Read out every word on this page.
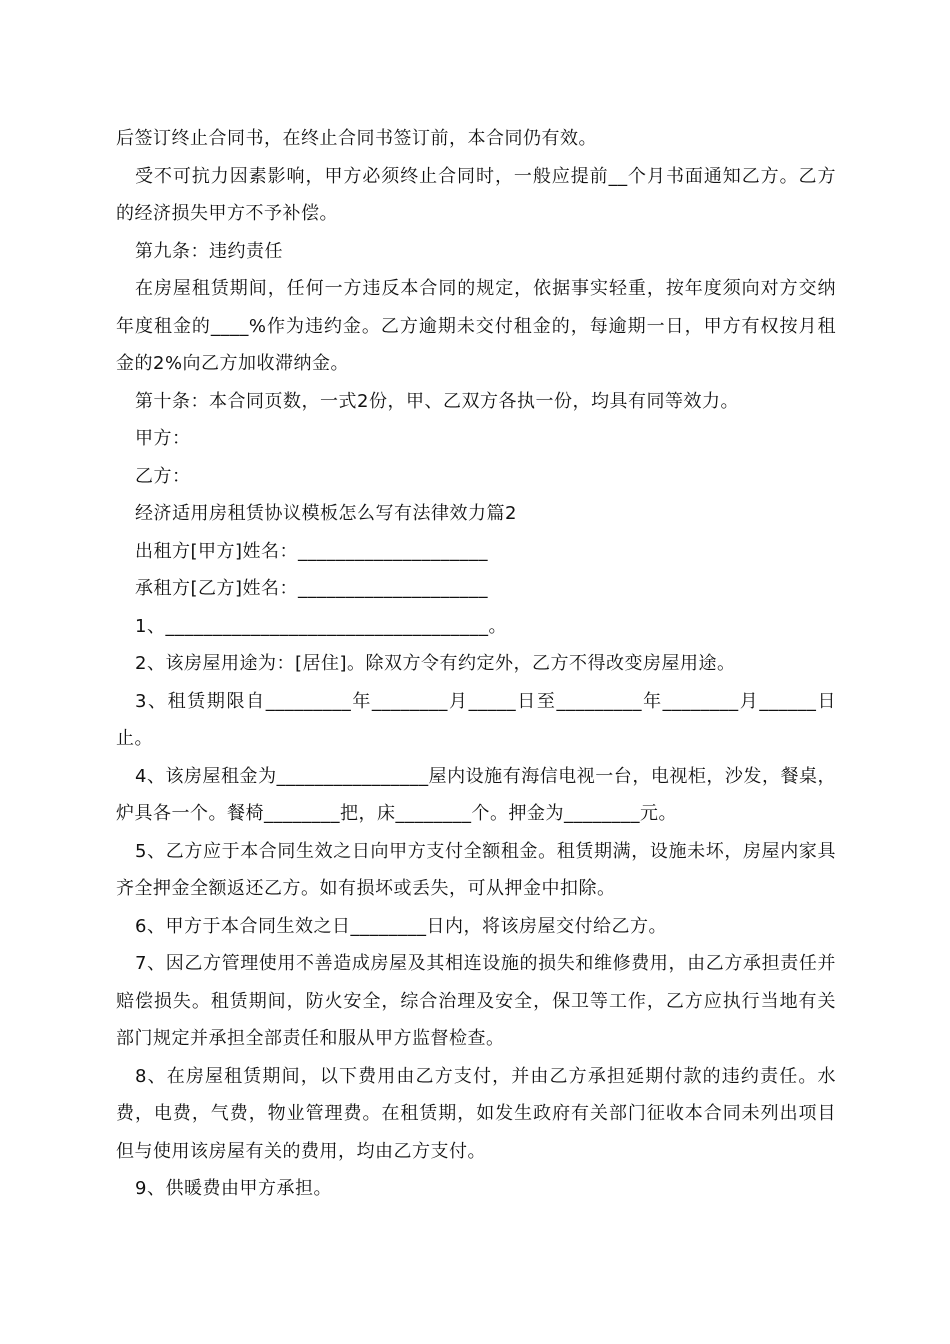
后签订终止合同书，在终止合同书签订前，本合同仍有效。

受不可抗力因素影响，甲方必须终止合同时，一般应提前__个月书面通知乙方。乙方的经济损失甲方不予补偿。

第九条：违约责任

在房屋租赁期间，任何一方违反本合同的规定，依据事实轻重，按年度须向对方交纳年度租金的____%作为违约金。乙方逾期未交付租金的，每逾期一日，甲方有权按月租金的2%向乙方加收滞纳金。

第十条：本合同页数，一式2份，甲、乙双方各执一份，均具有同等效力。

甲方：

乙方：

经济适用房租赁协议模板怎么写有法律效力篇2

出租方[甲方]姓名：____________________

承租方[乙方]姓名：____________________

1、__________________________________。

2、该房屋用途为：[居住]。除双方令有约定外，乙方不得改变房屋用途。

3、租赁期限自_________年________月_____日至_________年________月______日止。

4、该房屋租金为________________屋内设施有海信电视一台，电视柜，沙发，餐桌，炉具各一个。餐椅________把，床________个。押金为________元。

5、乙方应于本合同生效之日向甲方支付全额租金。租赁期满，设施未坏，房屋内家具齐全押金全额返还乙方。如有损坏或丢失，可从押金中扣除。

6、甲方于本合同生效之日________日内，将该房屋交付给乙方。

7、因乙方管理使用不善造成房屋及其相连设施的损失和维修费用，由乙方承担责任并赔偿损失。租赁期间，防火安全，综合治理及安全，保卫等工作，乙方应执行当地有关部门规定并承担全部责任和服从甲方监督检查。

8、在房屋租赁期间，以下费用由乙方支付，并由乙方承担延期付款的违约责任。水费，电费，气费，物业管理费。在租赁期，如发生政府有关部门征收本合同未列出项目但与使用该房屋有关的费用，均由乙方支付。

9、供暖费由甲方承担。
